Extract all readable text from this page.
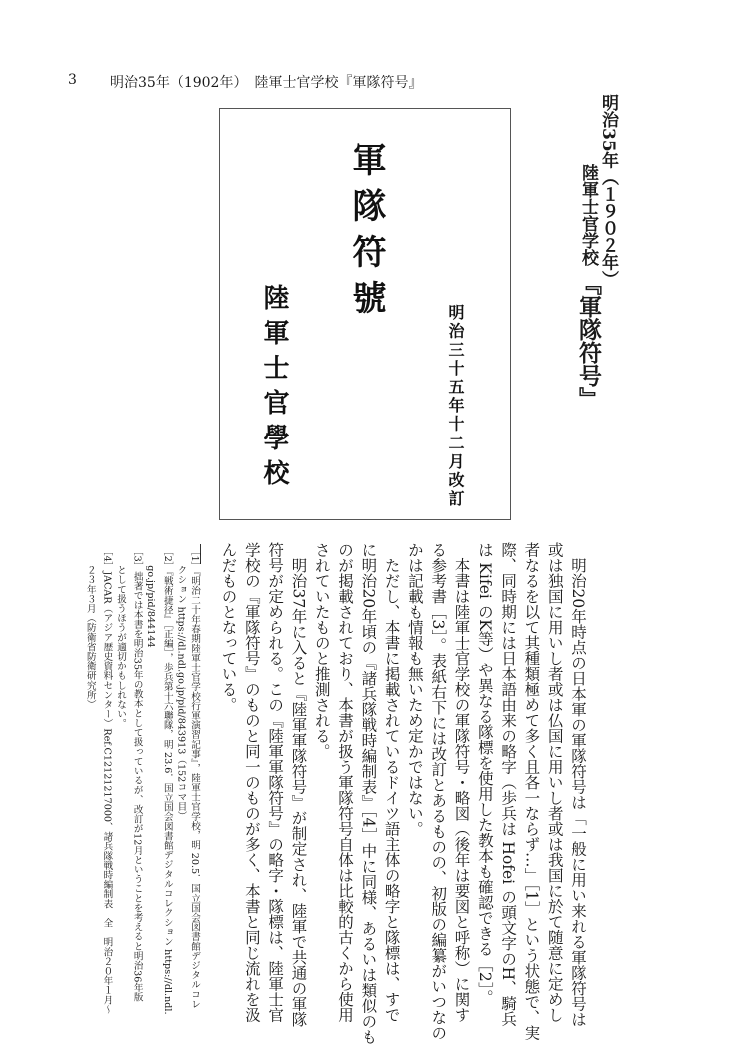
3 明治35年（1902年）　陸軍士官学校『軍隊符号』
明治35年（１９０２年）
陸軍士官学校『軍隊符号』
軍隊符號
陸軍士官學校	明治三十五年十二月改訂
　明治20年時点の日本軍の軍隊符号は「一般に用い来れる軍隊符号は
或は独国に用いし者或は仏国に用いし者或は我国に於て随意に定めし
者なるを以て其種類極めて多く且各一ならず…」［1］という状態で、実
際、同時期には日本語由来の略字（歩兵は Hofei の頭文字のH、騎兵
は Kifei のK等）や異なる隊標を使用した教本も確認できる［2］。
　本書は陸軍士官学校の軍隊符号・略図（後年は要図と呼称）に関す
る参考書［3］。表紙右下には改訂とあるものの、初版の編纂がいつなの
かは記載も情報も無いため定かではない。
　ただし、本書に掲載されているドイツ語主体の略字と隊標は、すで
に明治20年頃の『諸兵隊戦時編制表』［4］中に同様、あるいは類似のも
のが掲載されており、本書が扱う軍隊符号自体は比較的古くから使用
されていたものと推測される。
　明治37年に入ると『陸軍軍隊符号』が制定され、陸軍で共通の軍隊
符号が定められる。この『陸軍軍隊符号』の略字・隊標は、陸軍士官
学校の『軍隊符号』のものと同一のものが多く、本書と同じ流れを汲
んだものとなっている。
［1］『明治二十年春期陸軍士官学校行軍演習記事』，陸軍士官学校，明 20.5．国立国会図書館デジタルコレ
　　クション https://dl.ndl.go.jp/pid/843913（152コマ目）
［2］『戦術捷径』［正編］，歩兵第十六聯隊，明 23.6．国立国会図書館デジタルコレクション https://dl.ndl.
　　go.jp/pid/844144
［3］拙著では本書を明治35年の教本として扱っているが、改訂が12月ということを考えると明治36年版
　　として扱うほうが適切かもしれない。
［4］JACAR（アジア歴史資料センター）Ref.C12121217000、諸兵隊戦時編制表　全　明治２０年１月～
　　２３年３月（防衛省防衛研究所）
